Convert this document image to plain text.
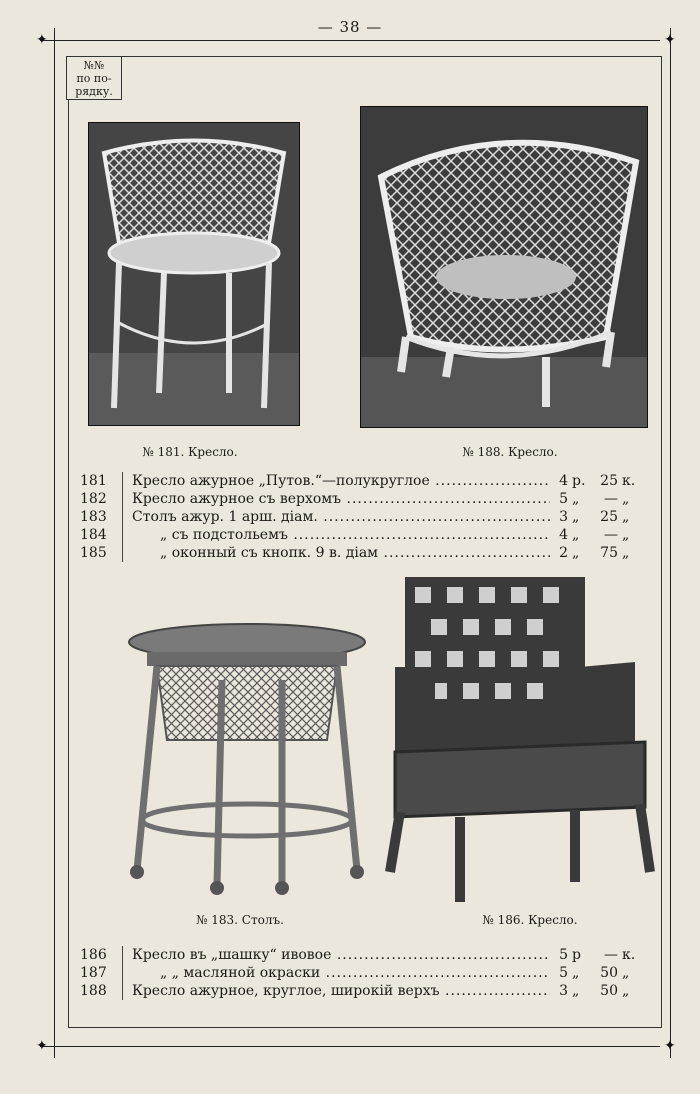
— 38 —
✦	✦
✦	✦
№№
по по-
рядку.
№ 181. Кресло.	№ 188. Кресло.
181	Кресло ажурное „Путов.“—полукруглое .....	4 р.	25 к.
182	Кресло ажурное съ верхомъ .....	5 „	— „
183	Столъ ажур. 1 арш. діам. .....	3 „	25 „
184	„ съ подстольемъ .....	4 „	— „
185	„ оконный съ кнопк. 9 в. діам .....	2 „	75 „
№ 183. Столъ.	№ 186. Кресло.
186	Кресло въ „шашку“ ивовое .....	5 р	— к.
187	„ „ масляной окраски .....	5 „	50 „
188	Кресло ажурное, круглое, широкій верхъ .....	3 „	50 „
